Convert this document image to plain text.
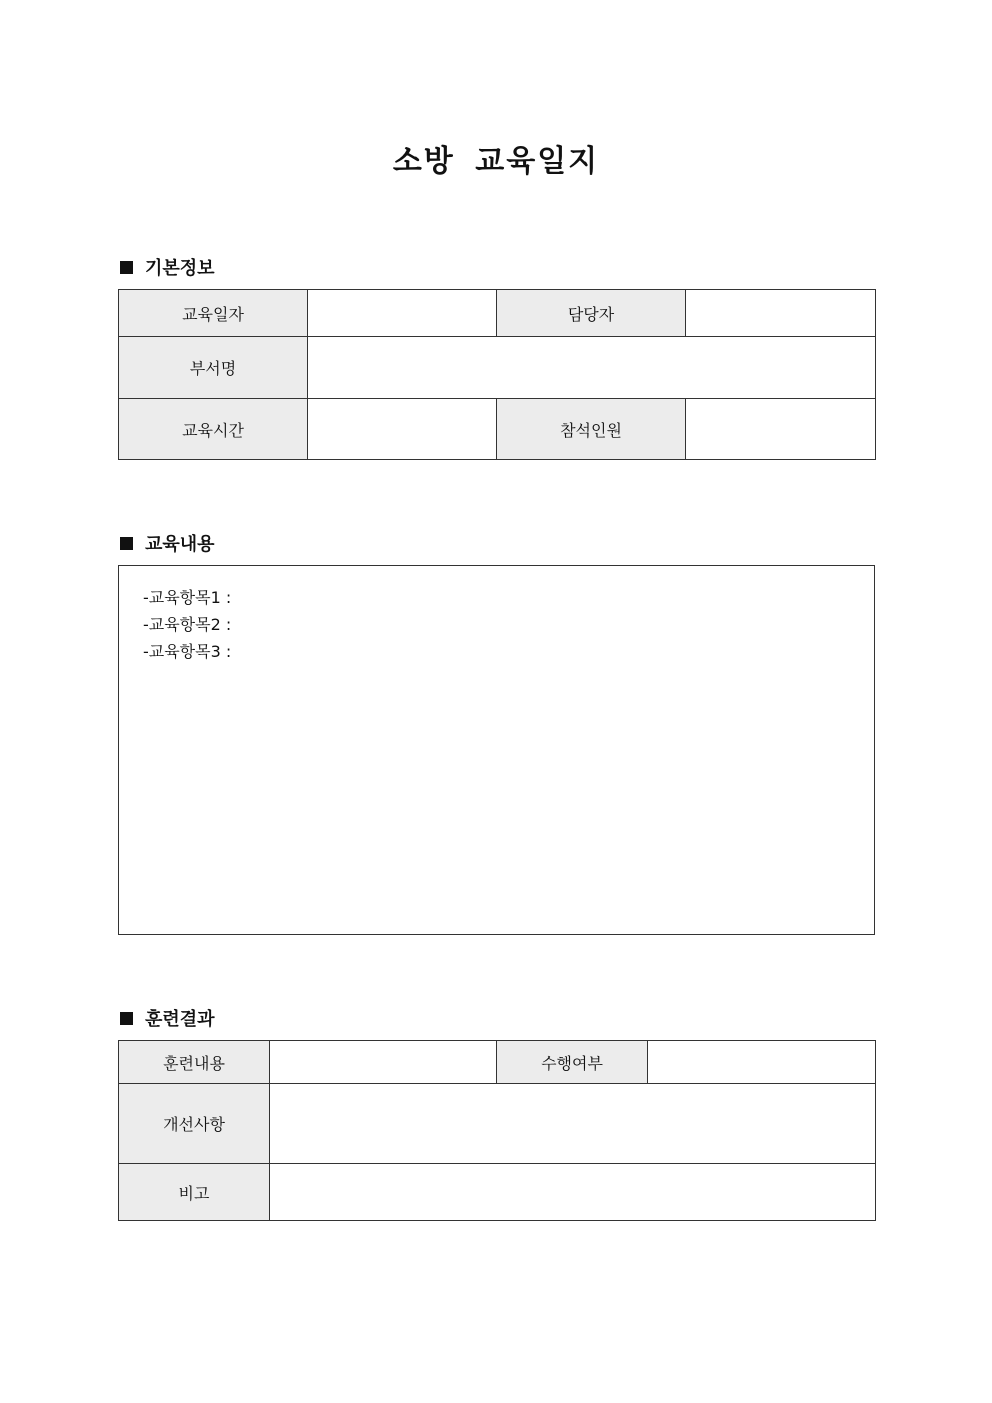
소방 교육일지
기본정보
교육일자		담당자	
부서명			
교육시간		참석인원	
교육내용
-교육항목1 :
-교육항목2 :
-교육항목3 :
훈련결과
훈련내용		수행여부	
개선사항			
비고			
